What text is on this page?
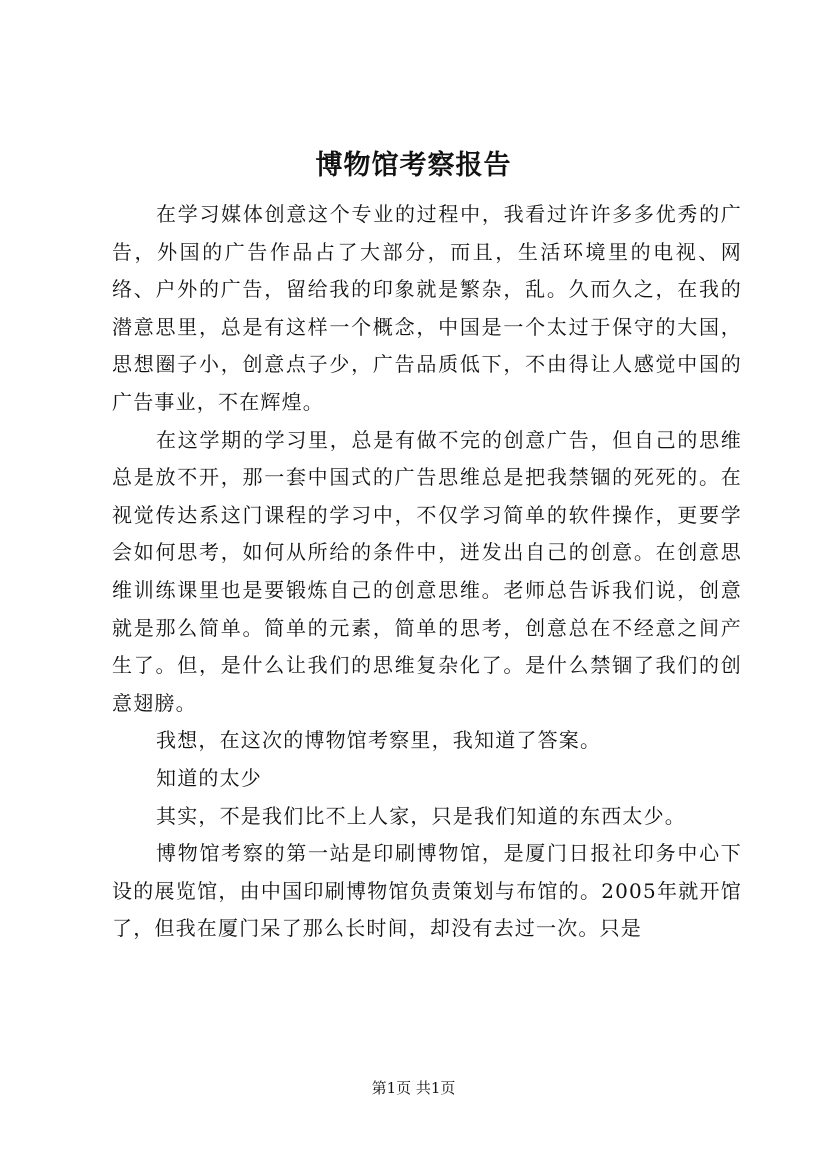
博物馆考察报告

在学习媒体创意这个专业的过程中，我看过许许多多优秀的广告，外国的广告作品占了大部分，而且，生活环境里的电视、网络、户外的广告，留给我的印象就是繁杂，乱。久而久之，在我的潜意思里，总是有这样一个概念，中国是一个太过于保守的大国，思想圈子小，创意点子少，广告品质低下，不由得让人感觉中国的广告事业，不在辉煌。

在这学期的学习里，总是有做不完的创意广告，但自己的思维总是放不开，那一套中国式的广告思维总是把我禁锢的死死的。在视觉传达系这门课程的学习中，不仅学习简单的软件操作，更要学会如何思考，如何从所给的条件中，迸发出自己的创意。在创意思维训练课里也是要锻炼自己的创意思维。老师总告诉我们说，创意就是那么简单。简单的元素，简单的思考，创意总在不经意之间产生了。但，是什么让我们的思维复杂化了。是什么禁锢了我们的创意翅膀。

我想，在这次的博物馆考察里，我知道了答案。

知道的太少

其实，不是我们比不上人家，只是我们知道的东西太少。

博物馆考察的第一站是印刷博物馆，是厦门日报社印务中心下设的展览馆，由中国印刷博物馆负责策划与布馆的。2005年就开馆了，但我在厦门呆了那么长时间，却没有去过一次。只是

第1页 共1页
